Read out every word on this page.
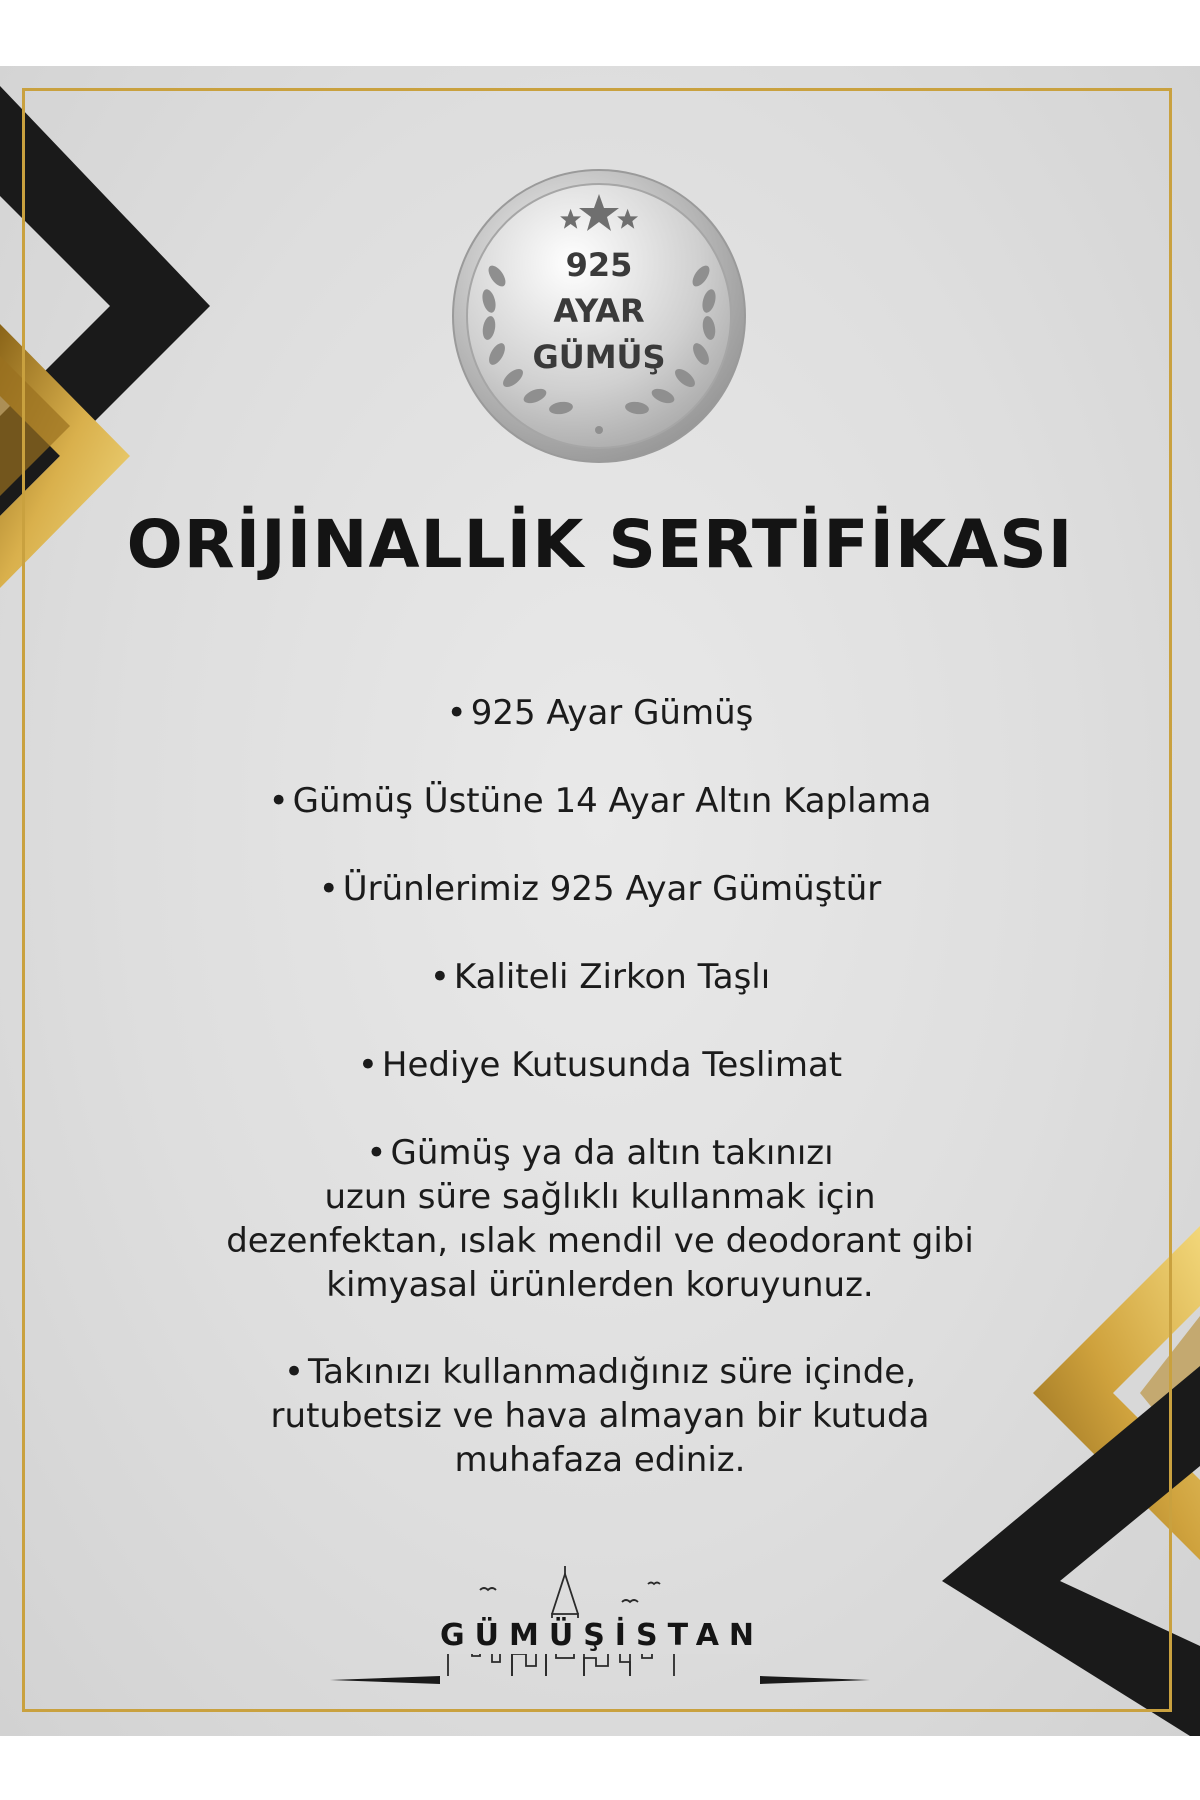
925
AYAR
GÜMÜŞ
ORİJİNALLİK SERTİFİKASI
• 925 Ayar Gümüş
• Gümüş Üstüne 14 Ayar Altın Kaplama
• Ürünlerimiz 925 Ayar Gümüştür
• Kaliteli Zirkon Taşlı
• Hediye Kutusunda Teslimat
• Gümüş ya da altın takınızı
uzun süre sağlıklı kullanmak için
dezenfektan, ıslak mendil ve deodorant gibi
kimyasal ürünlerden koruyunuz.
• Takınızı kullanmadığınız süre içinde,
rutubetsiz ve hava almayan bir kutuda
muhafaza ediniz.
GÜMÜŞİSTAN
